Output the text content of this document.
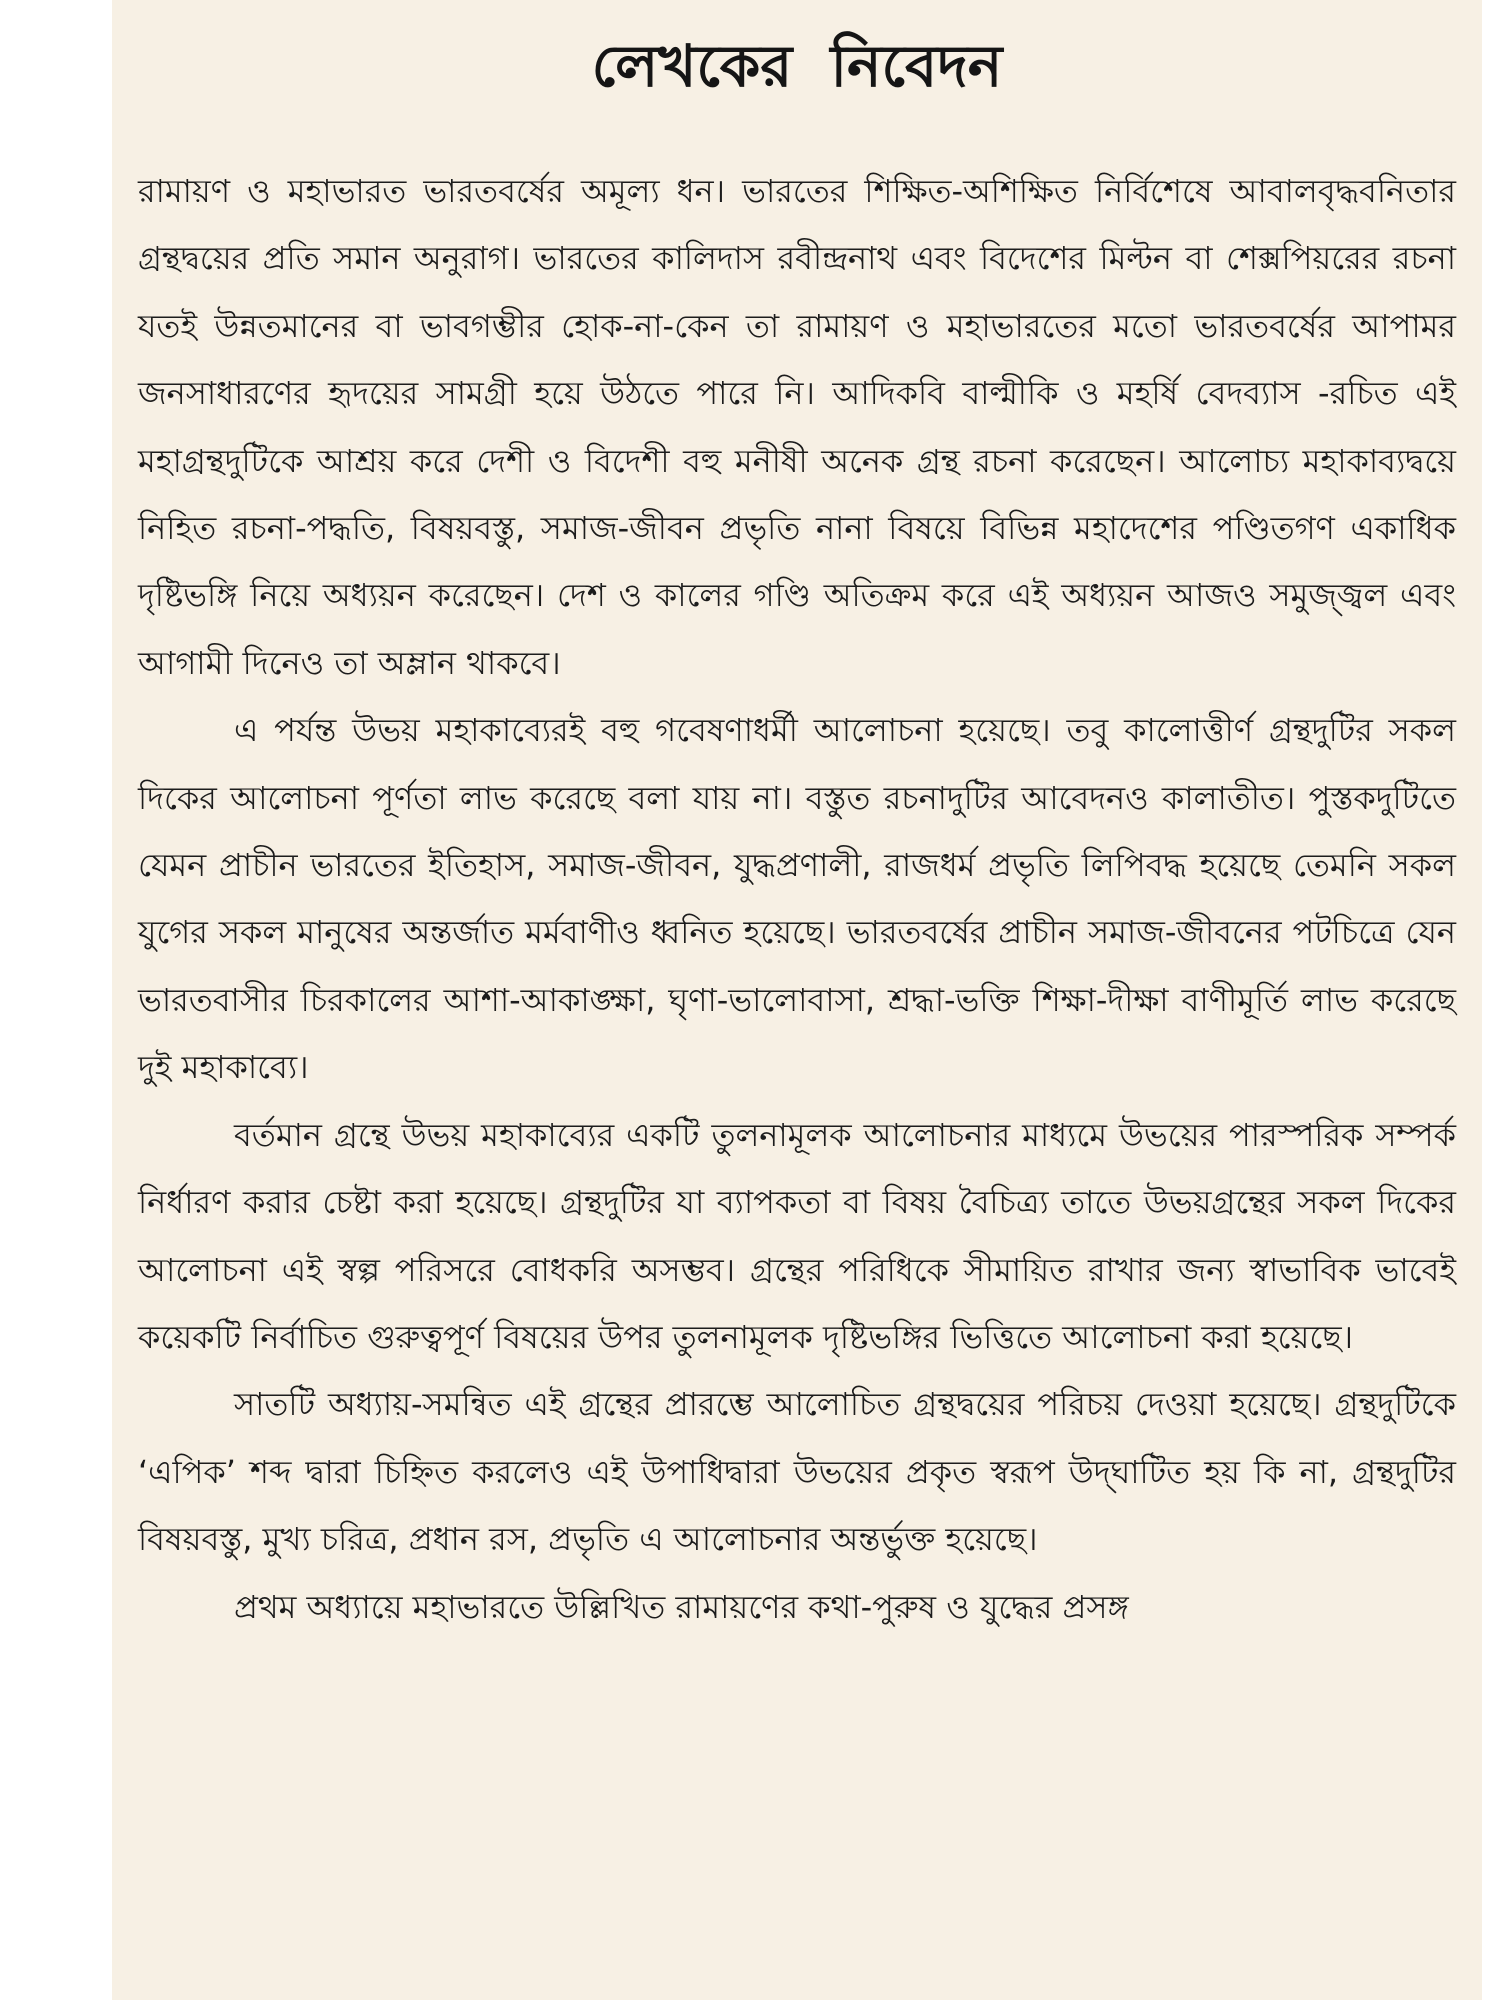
লেখকের নিবেদন

রামায়ণ ও মহাভারত ভারতবর্ষের অমূল্য ধন। ভারতের শিক্ষিত-অশিক্ষিত নির্বিশেষে আবালবৃদ্ধবনিতার গ্রন্থদ্বয়ের প্রতি সমান অনুরাগ। ভারতের কালিদাস রবীন্দ্রনাথ এবং বিদেশের মিল্টন বা শেক্সপিয়রের রচনা যতই উন্নতমানের বা ভাবগম্ভীর হোক-না-কেন তা রামায়ণ ও মহাভারতের মতো ভারতবর্ষের আপামর জনসাধারণের হৃদয়ের সামগ্রী হয়ে উঠতে পারে নি। আদিকবি বাল্মীকি ও মহর্ষি বেদব্যাস -রচিত এই মহাগ্রন্থদুটিকে আশ্রয় করে দেশী ও বিদেশী বহু মনীষী অনেক গ্রন্থ রচনা করেছেন। আলোচ্য মহাকাব্যদ্বয়ে নিহিত রচনা-পদ্ধতি, বিষয়বস্তু, সমাজ-জীবন প্রভৃতি নানা বিষয়ে বিভিন্ন মহাদেশের পণ্ডিতগণ একাধিক দৃষ্টিভঙ্গি নিয়ে অধ্যয়ন করেছেন। দেশ ও কালের গণ্ডি অতিক্রম করে এই অধ্যয়ন আজও সমুজ্জ্বল এবং আগামী দিনেও তা অম্লান থাকবে।

এ পর্যন্ত উভয় মহাকাব্যেরই বহু গবেষণাধর্মী আলোচনা হয়েছে। তবু কালোত্তীর্ণ গ্রন্থদুটির সকল দিকের আলোচনা পূর্ণতা লাভ করেছে বলা যায় না। বস্তুত রচনাদুটির আবেদনও কালাতীত। পুস্তকদুটিতে যেমন প্রাচীন ভারতের ইতিহাস, সমাজ-জীবন, যুদ্ধপ্রণালী, রাজধর্ম প্রভৃতি লিপিবদ্ধ হয়েছে তেমনি সকল যুগের সকল মানুষের অন্তর্জাত মর্মবাণীও ধ্বনিত হয়েছে। ভারতবর্ষের প্রাচীন সমাজ-জীবনের পটচিত্রে যেন ভারতবাসীর চিরকালের আশা-আকাঙ্ক্ষা, ঘৃণা-ভালোবাসা, শ্রদ্ধা-ভক্তি শিক্ষা-দীক্ষা বাণীমূর্তি লাভ করেছে দুই মহাকাব্যে।

বর্তমান গ্রন্থে উভয় মহাকাব্যের একটি তুলনামূলক আলোচনার মাধ্যমে উভয়ের পারস্পরিক সম্পর্ক নির্ধারণ করার চেষ্টা করা হয়েছে। গ্রন্থদুটির যা ব্যাপকতা বা বিষয় বৈচিত্র্য তাতে উভয়গ্রন্থের সকল দিকের আলোচনা এই স্বল্প পরিসরে বোধকরি অসম্ভব। গ্রন্থের পরিধিকে সীমায়িত রাখার জন্য স্বাভাবিক ভাবেই কয়েকটি নির্বাচিত গুরুত্বপূর্ণ বিষয়ের উপর তুলনামূলক দৃষ্টিভঙ্গির ভিত্তিতে আলোচনা করা হয়েছে।

সাতটি অধ্যায়-সমন্বিত এই গ্রন্থের প্রারম্ভে আলোচিত গ্রন্থদ্বয়ের পরিচয় দেওয়া হয়েছে। গ্রন্থদুটিকে ‘এপিক’ শব্দ দ্বারা চিহ্নিত করলেও এই উপাধিদ্বারা উভয়ের প্রকৃত স্বরূপ উদ্‌ঘাটিত হয় কি না, গ্রন্থদুটির বিষয়বস্তু, মুখ্য চরিত্র, প্রধান রস, প্রভৃতি এ আলোচনার অন্তর্ভুক্ত হয়েছে।

প্রথম অধ্যায়ে মহাভারতে উল্লিখিত রামায়ণের কথা-পুরুষ ও যুদ্ধের প্রসঙ্গ
